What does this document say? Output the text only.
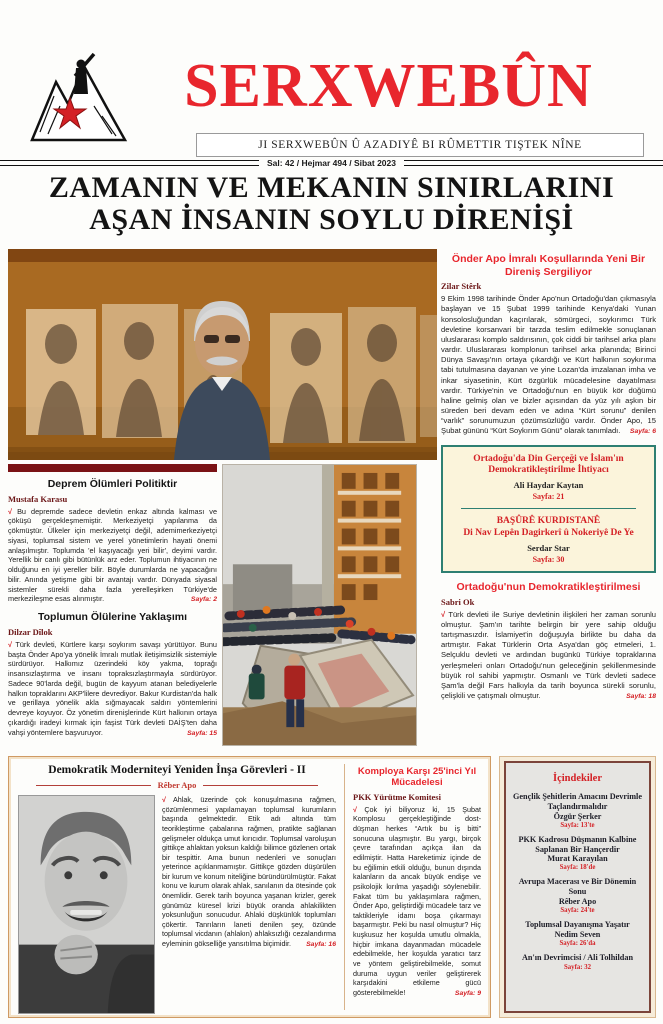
SERXWEBÛN
JI SERXWEBÛN Û AZADIYÊ BI RÛMETTIR TIŞTEK NÎNE
Sal: 42 / Hejmar 494 / Sibat 2023
ZAMANIN VE MEKANIN SINIRLARINI
AŞAN İNSANIN SOYLU DİRENİŞİ
Önder Apo İmralı Koşullarında Yeni Bir Direniş Sergiliyor
Zilar Stêrk
9 Ekim 1998 tarihinde Önder Apo'nun Ortadoğu'dan çıkmasıyla başlayan ve 15 Şubat 1999 tarihinde Kenya'daki Yunan konsolosluğundan kaçırılarak, sömürgeci, soykırımcı Türk devletine korsanvari bir tarzda teslim edilmekle sonuçlanan uluslararası komplo saldırısının, çok ciddi bir tarihsel arka planı vardır. Uluslararası komplonun tarihsel arka planında; Birinci Dünya Savaşı'nın ortaya çıkardığı ve Kürt halkının soykırıma tabi tutulmasına dayanan ve yine Lozan'da imzalanan imha ve inkar siyasetinin, Kürt özgürlük mücadelesine dayatılması vardır. Türkiye'nin ve Ortadoğu'nun en büyük kör düğümü haline gelmiş olan ve bizler açısından da yüz yılı aşkın bir süreden beri devam eden ve adına “Kürt sorunu” denilen “varlık” sorunumuzun çözümsüzlüğü vardır. Önder Apo, 15 Şubat gününü “Kürt Soykırım Günü” olarak tanımladı. Sayfa: 6
Ortadoğu'da Din Gerçeği ve İslam'ın Demokratikleştirilme İhtiyacı
Ali Haydar Kaytan
Sayfa: 21
BAŞÛRÊ KURDISTANÊ
Di Nav Lepên Dagirkerî û Nokeriyê De Ye
Serdar Star
Sayfa: 30
Ortadoğu'nun Demokratikleştirilmesi
Sabri Ok
√ Türk devleti ile Suriye devletinin ilişkileri her zaman sorunlu olmuştur. Şam'ın tarihte belirgin bir yere sahip olduğu tartışmasızdır. İslamiyet'in doğuşuyla birlikte bu daha da artmıştır. Fakat Türklerin Orta Asya'dan göç etmeleri, 1. Selçuklu devleti ve ardından bugünkü Türkiye topraklarına yerleşmeleri onları Ortadoğu'nun geleceğinin şekillenmesinde büyük rol sahibi yapmıştır. Osmanlı ve Türk devleti sadece Şam'la değil Fars halkıyla da tarih boyunca sürekli sorunlu, çelişkili ve çatışmalı olmuştur.	Sayfa: 18
Deprem Ölümleri Politiktir
Mustafa Karasu
√ Bu depremde sadece devletin enkaz altında kalması ve çöküşü gerçekleşmemiştir. Merkeziyetçi yapılanma da çökmüştür. Ülkeler için merkeziyetçi değil, ademimerkeziyetçi siyasi, toplumsal sistem ve yerel yönetimlerin hayati önemi anlaşılmıştır. Toplumda 'el kaşıyacağı yeri bilir', deyimi vardır. Yerellik bir canlı gibi bütünlük arz eder. Toplumun ihtiyacının ne olduğunu en iyi yereller bilir. Böyle durumlarda ne yapacağını bilir. Anında yetişme gibi bir avantajı vardır. Dünyada siyasal sistemler sürekli daha fazla yerelleşirken Türkiye'de merkezileşme esas alınmıştır.	Sayfa: 2
Toplumun Ölülerine Yaklaşımı
Dilzar Dîlok
√ Türk devleti, Kürtlere karşı soykırım savaşı yürütüyor. Bunu başta Önder Apo'ya yönelik İmralı mutlak iletişimsizlik sistemiyle sürdürüyor. Halkımız üzerindeki köy yakma, toprağı insansızlaştırma ve insanı topraksızlaştırmayla sürdürüyor. Sadece 90'larda değil, bugün de kayyum atanan belediyelerle halkın topraklarını AKP'lilere devrediyor. Bakur Kurdistan'da halk ve gerillaya yönelik akla sığmayacak saldırı yöntemlerini devreye koyuyor. Öz yönetim direnişlerinde Kürt halkının ortaya çıkardığı iradeyi kırmak için faşist Türk devleti DAİŞ'ten daha vahşi yöntemlere başvuruyor.	Sayfa: 15
Demokratik Moderniteyi Yeniden İnşa Görevleri - II
Rêber Apo
√ Ahlak, üzerinde çok konuşulmasına rağmen, çözümlenmesi yapılamayan toplumsal kurumların başında gelmektedir. Etik adı altında tüm teorikleştirme çabalarına rağmen, pratikte sağlanan gelişmeler oldukça umut kırıcıdır. Toplumsal varoluşun gittikçe ahlaktan yoksun kaldığı bilimce gözlenen ortak bir tespittir. Ama bunun nedenleri ve sonuçları yeterince açıklanmamıştır. Gittikçe gözden düşürülen bir kurum ve konum niteliğine büründürülmüştür. Fakat konu ve kurum olarak ahlak, sanılanın da ötesinde çok önemlidir. Gerek tarih boyunca yaşanan krizler, gerek günümüz küresel krizi büyük oranda ahlakilikten yoksunluğun sonucudur. Ahlaki düşkünlük toplumları çökertir. Tanrıların laneti denilen şey, özünde toplumsal vicdanın (ahlakın) ahlaksızlığı cezalandırma eyleminin gökselliğe yansıtılma biçimidir. Sayfa: 16
Komploya Karşı 25'inci Yıl Mücadelesi
PKK Yürütme Komitesi
√ Çok iyi biliyoruz ki, 15 Şubat Komplosu gerçekleştiğinde dost-düşman herkes “Artık bu iş bitti” sonucuna ulaşmıştır. Bu yargı, birçok çevre tarafından açıkça ilan da edilmiştir. Hatta Hareketimiz içinde de bu eğilimin etkili olduğu, bunun dışında kalanların da ancak büyük endişe ve psikolojik kırılma yaşadığı söylenebilir. Fakat tüm bu yaklaşımlara rağmen, Önder Apo, geliştirdiği mücadele tarz ve taktikleriyle idamı boşa çıkarmayı başarmıştır. Peki bu nasıl olmuştur? Hiç kuşkusuz her koşulda umutlu olmakla, hiçbir imkana dayanmadan mücadele edebilmekle, her koşulda yaratıcı tarz ve yöntem geliştirebilmekle, somut duruma uygun veriler geliştirerek karşıdakini etkileme gücü gösterebilmekle!	Sayfa: 9
İçindekiler
Gençlik Şehitlerin Amacını Devrimle Taçlandırmalıdır
Özgür Şerker
Sayfa: 13'te
PKK Kadrosu Düşmanın Kalbine Saplanan Bir Hançerdir
Murat Karayılan
Sayfa: 18'de
Avrupa Macerası ve Bir Dönemin Sonu
Rêber Apo
Sayfa: 24'te
Toplumsal Dayanışma Yaşatır
Nedim Seven
Sayfa: 26'da
An'ın Devrimcisi / Ali Tolhildan
Sayfa: 32
